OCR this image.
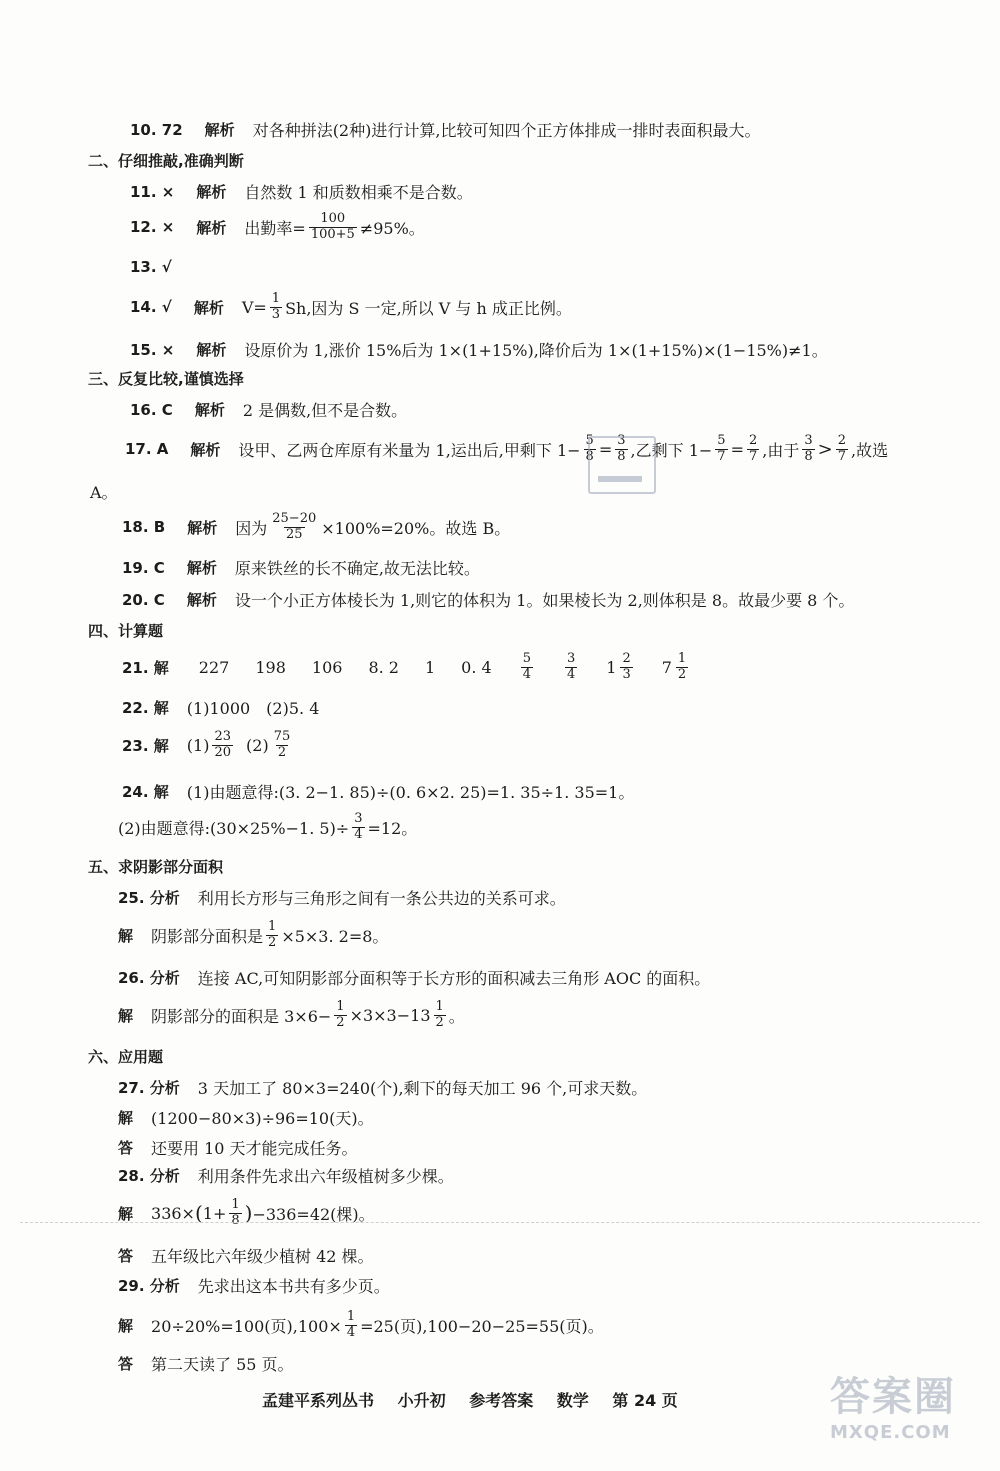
10. 72 解析 对各种拼法(2种)进行计算,比较可知四个正方体排成一排时表面积最大。
二、仔细推敲,准确判断
11. × 解析 自然数 1 和质数相乘不是合数。
12. × 解析 出勤率= $\frac{100}{100+5} \ne 95\%$。
13. √
14. √ 解析 $V= \frac{1}{3} Sh$,因为 S 一定,所以 V 与 h 成正比例。
15. × 解析 设原价为 1,涨价 15%后为 1×(1+15%),降价后为 1×(1+15%)×(1−15%)≠1。
三、反复比较,谨慎选择
16. C 解析 2 是偶数,但不是合数。
17. A 解析 设甲、乙两仓库原有米量为 1,运出后,甲剩下 $1- \frac{5}{8} = \frac{3}{8}$ ,乙剩下 $1- \frac{5}{7} = \frac{2}{7}$ ,由于 $\frac{3}{8} > \frac{2}{7}$ ,故选
A。
18. B 解析 因为 $\frac{25-20}{25} \times 100\%=20\%$。故选 B。
19. C 解析 原来铁丝的长不确定,故无法比较。
20. C 解析 设一个小正方体棱长为 1,则它的体积为 1。如果棱长为 2,则体积是 8。故最少要 8 个。
四、计算题
21. 解 227 198 106 8. 2 1 0. $4 \frac{5}{4} \frac{3}{4} 1 \frac{2}{3} 7 \frac{1}{2}$
22. 解 (1)1000　(2)5. 4
23. 解 $(1) \frac{23}{20} (2) \frac{75}{2}$
24. 解 (1)由题意得:(3. 2−1. 85)÷(0. 6×2. 25)=1. 35÷1. 35=1。
(2)由题意得:(30×25%−1. $5)\div \frac{3}{4} =12$。
五、求阴影部分面积
25. 分析 利用长方形与三角形之间有一条公共边的关系可求。
解 阴影部分面积是 $\frac{1}{2} \times 5\times 3$. 2=8。
26. 分析 连接 AC,可知阴影部分面积等于长方形的面积减去三角形 AOC 的面积。
解 阴影部分的面积是 $3\times 6- \frac{1}{2} \times 3\times 3-13 \frac{1}{2}$ 。
六、应用题
27. 分析 3 天加工了 80×3=240(个),剩下的每天加工 96 个,可求天数。
解 (1200−80×3)÷96=10(天)。
答 还要用 10 天才能完成任务。
28. 分析 利用条件先求出六年级植树多少棵。
解 336× ( $1+ \frac{1}{8}$ ) −336=42(棵)。
答 五年级比六年级少植树 42 棵。
29. 分析 先求出这本书共有多少页。
解 20÷20%=100(页)$,100\times \frac{1}{4} =25$(页),100−20−25=55(页)。
答 第二天读了 55 页。
孟建平系列丛书 小升初 参考答案 数学 第 24 页	答案圈
MXQE.COM
